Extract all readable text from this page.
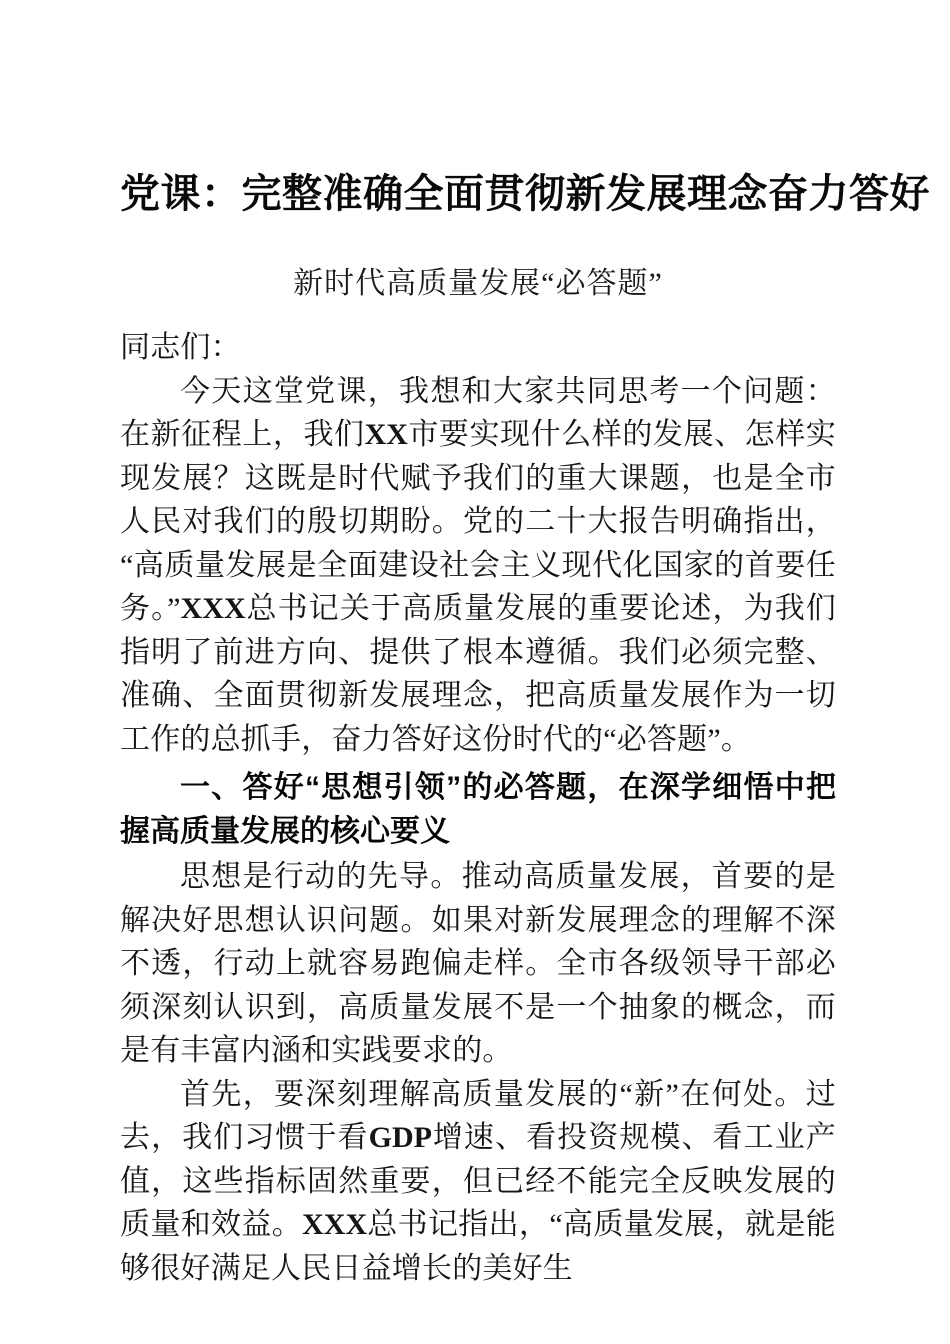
党课：完整准确全面贯彻新发展理念奋力答好
新时代高质量发展“必答题”

同志们：

今天这堂党课，我想和大家共同思考一个问题：在新征程上，我们XX市要实现什么样的发展、怎样实现发展？这既是时代赋予我们的重大课题，也是全市人民对我们的殷切期盼。党的二十大报告明确指出，“高质量发展是全面建设社会主义现代化国家的首要任务。”XXX总书记关于高质量发展的重要论述，为我们指明了前进方向、提供了根本遵循。我们必须完整、准确、全面贯彻新发展理念，把高质量发展作为一切工作的总抓手，奋力答好这份时代的“必答题”。

一、答好“思想引领”的必答题，在深学细悟中把握高质量发展的核心要义

思想是行动的先导。推动高质量发展，首要的是解决好思想认识问题。如果对新发展理念的理解不深不透，行动上就容易跑偏走样。全市各级领导干部必须深刻认识到，高质量发展不是一个抽象的概念，而是有丰富内涵和实践要求的。

首先，要深刻理解高质量发展的“新”在何处。过去，我们习惯于看GDP增速、看投资规模、看工业产值，这些指标固然重要，但已经不能完全反映发展的质量和效益。XXX总书记指出，“高质量发展，就是能够很好满足人民日益增长的美好生
